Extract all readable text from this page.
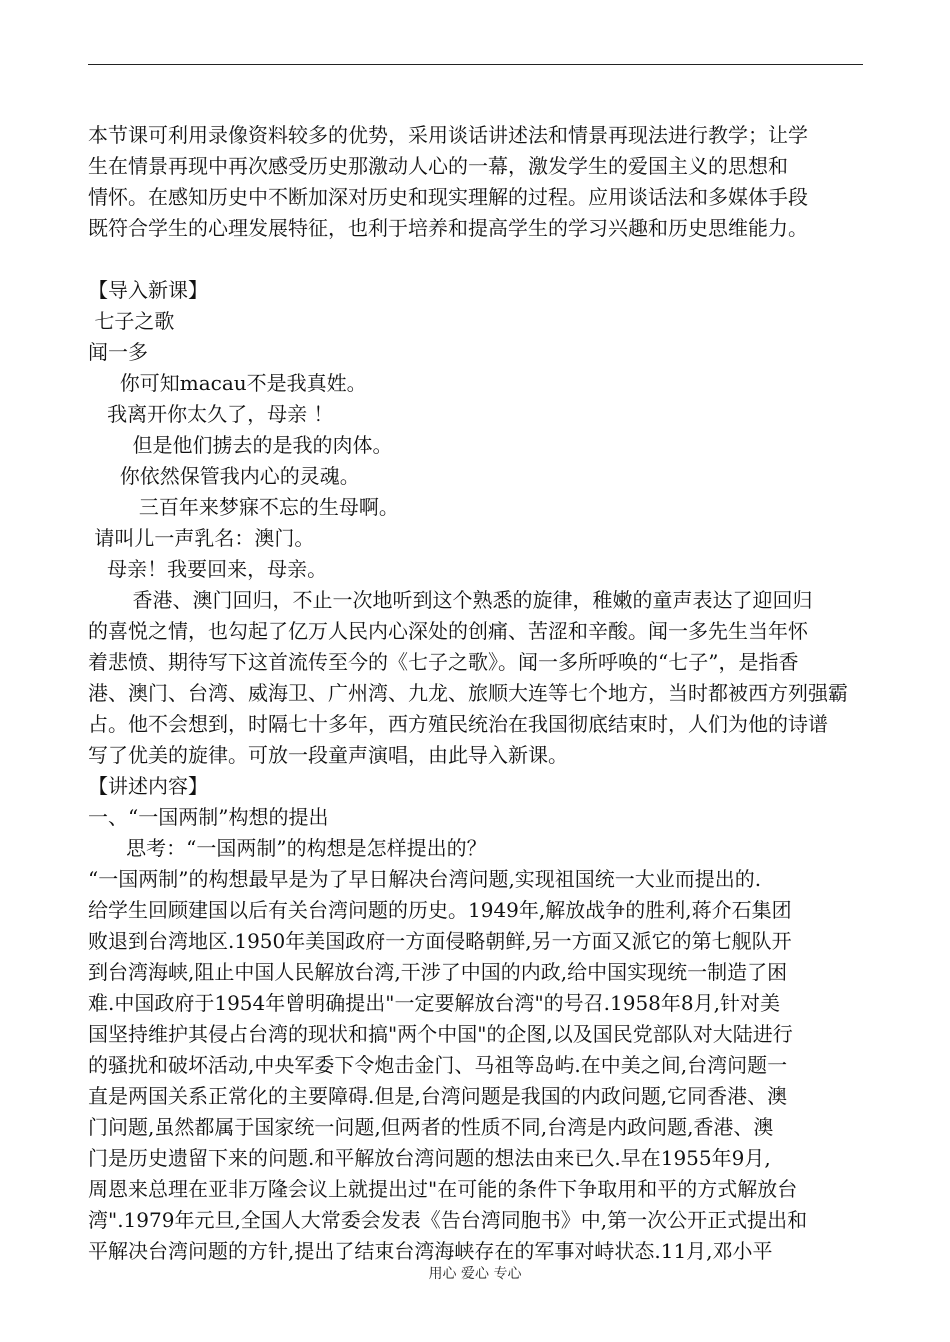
本节课可利用录像资料较多的优势，采用谈话讲述法和情景再现法进行教学；让学
生在情景再现中再次感受历史那激动人心的一幕，激发学生的爱国主义的思想和
情怀。在感知历史中不断加深对历史和现实理解的过程。应用谈话法和多媒体手段
既符合学生的心理发展特征，也利于培养和提高学生的学习兴趣和历史思维能力。
【导入新课】
七子之歌
闻一多
你可知macau不是我真姓。
我离开你太久了，母亲 ！
但是他们掳去的是我的肉体。
你依然保管我内心的灵魂。
三百年来梦寐不忘的生母啊。
请叫儿一声乳名：澳门。
母亲！我要回来，母亲。
香港、澳门回归，不止一次地听到这个熟悉的旋律，稚嫩的童声表达了迎回归
的喜悦之情，也勾起了亿万人民内心深处的创痛、苦涩和辛酸。闻一多先生当年怀
着悲愤、期待写下这首流传至今的《七子之歌》。闻一多所呼唤的“七子”，是指香
港、澳门、台湾、威海卫、广州湾、九龙、旅顺大连等七个地方，当时都被西方列强霸
占。他不会想到，时隔七十多年，西方殖民统治在我国彻底结束时，人们为他的诗谱
写了优美的旋律。可放一段童声演唱，由此导入新课。
【讲述内容】
一、“一国两制”构想的提出
思考：“一国两制”的构想是怎样提出的？
“一国两制”的构想最早是为了早日解决台湾问题,实现祖国统一大业而提出的.
给学生回顾建国以后有关台湾问题的历史。1949年,解放战争的胜利,蒋介石集团
败退到台湾地区.1950年美国政府一方面侵略朝鲜,另一方面又派它的第七舰队开
到台湾海峡,阻止中国人民解放台湾,干涉了中国的内政,给中国实现统一制造了困
难.中国政府于1954年曾明确提出"一定要解放台湾"的号召.1958年8月,针对美
国坚持维护其侵占台湾的现状和搞"两个中国"的企图,以及国民党部队对大陆进行
的骚扰和破坏活动,中央军委下令炮击金门、马祖等岛屿.在中美之间,台湾问题一
直是两国关系正常化的主要障碍.但是,台湾问题是我国的内政问题,它同香港、澳
门问题,虽然都属于国家统一问题,但两者的性质不同,台湾是内政问题,香港、澳
门是历史遗留下来的问题.和平解放台湾问题的想法由来已久.早在1955年9月,
周恩来总理在亚非万隆会议上就提出过"在可能的条件下争取用和平的方式解放台
湾".1979年元旦,全国人大常委会发表《告台湾同胞书》中,第一次公开正式提出和
平解决台湾问题的方针,提出了结束台湾海峡存在的军事对峙状态.11月,邓小平
用心 爱心 专心
